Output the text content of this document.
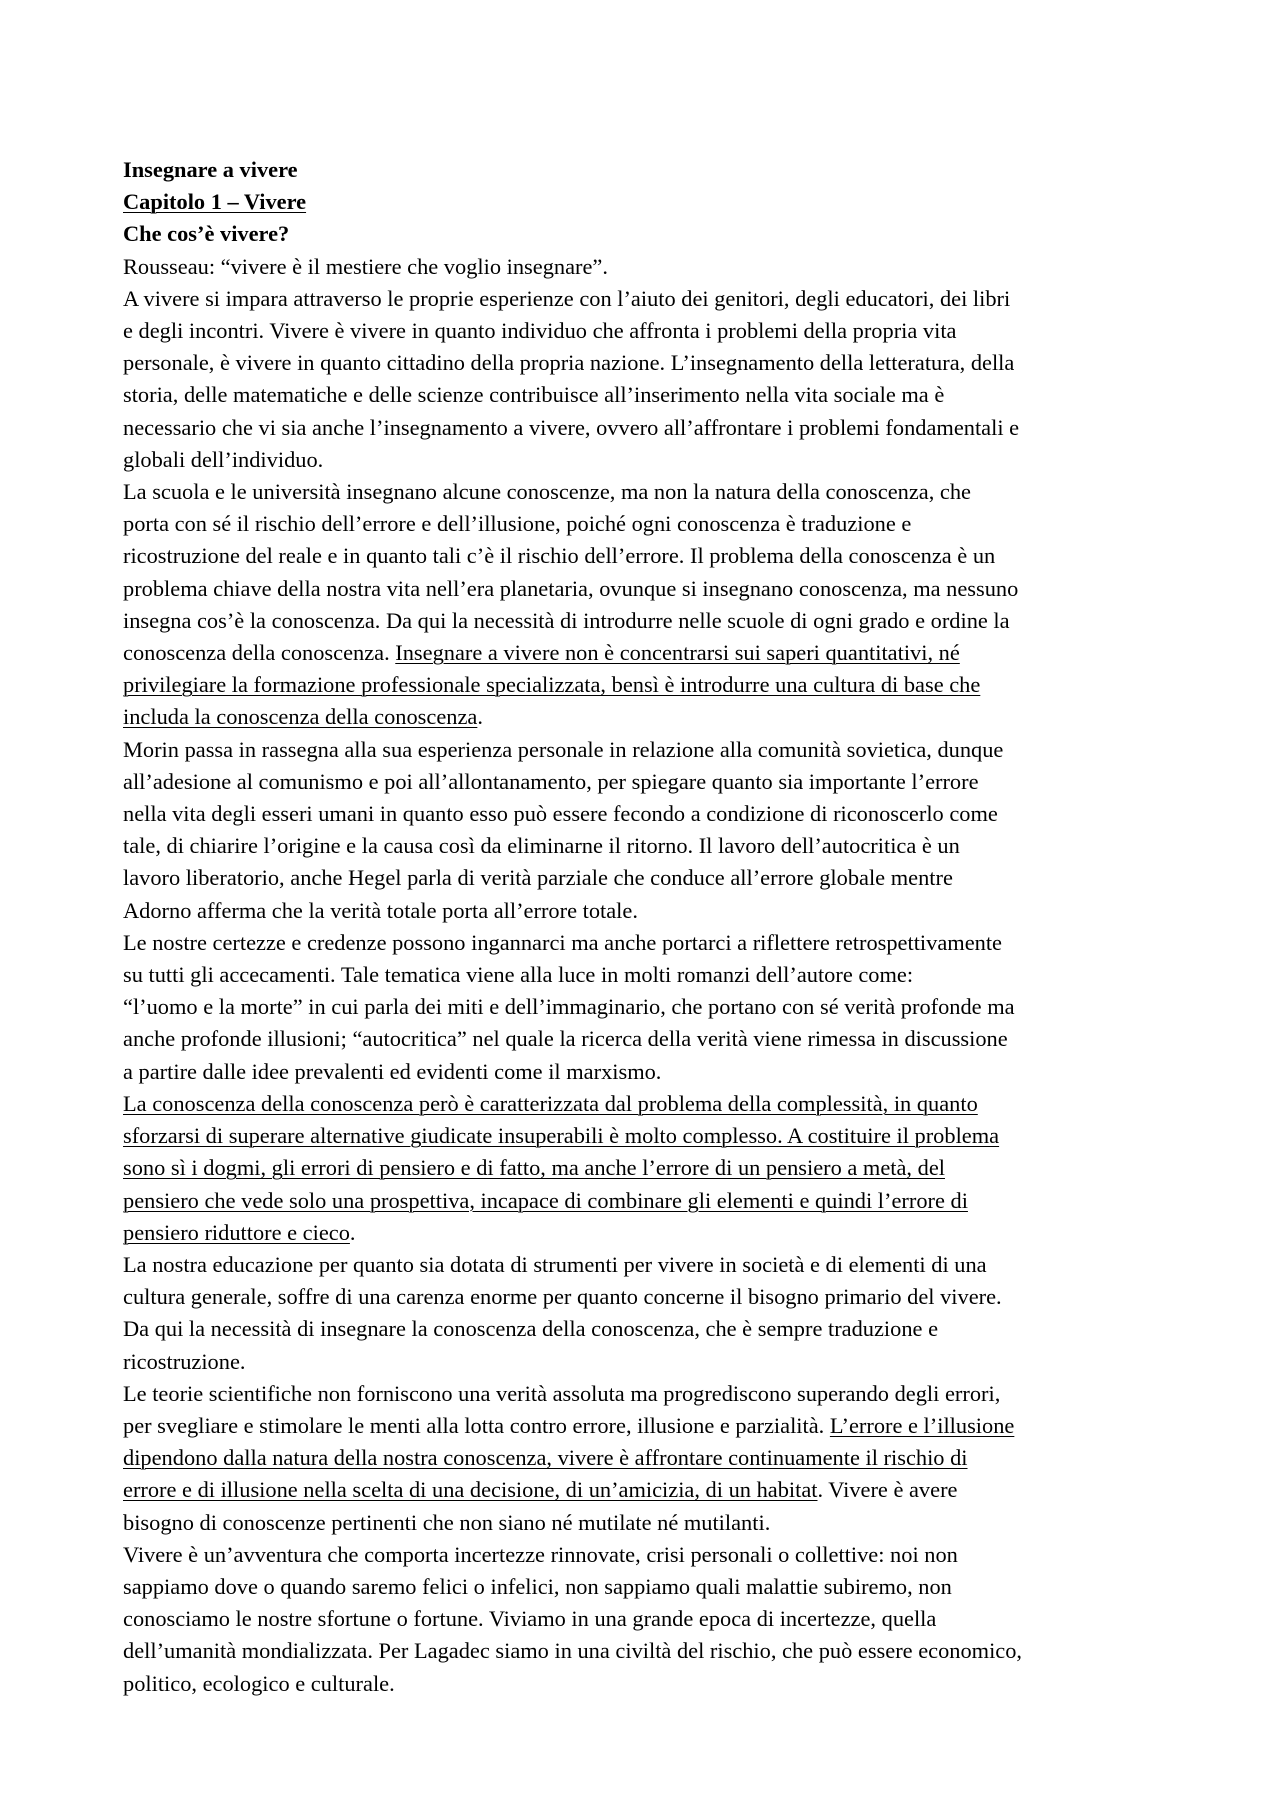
Insegnare a vivere
Capitolo 1 – Vivere
Che cos’è vivere?
Rousseau: “vivere è il mestiere che voglio insegnare”.
A vivere si impara attraverso le proprie esperienze con l’aiuto dei genitori, degli educatori, dei libri
e degli incontri. Vivere è vivere in quanto individuo che affronta i problemi della propria vita
personale, è vivere in quanto cittadino della propria nazione. L’insegnamento della letteratura, della
storia, delle matematiche e delle scienze contribuisce all’inserimento nella vita sociale ma è
necessario che vi sia anche l’insegnamento a vivere, ovvero all’affrontare i problemi fondamentali e
globali dell’individuo.
La scuola e le università insegnano alcune conoscenze, ma non la natura della conoscenza, che
porta con sé il rischio dell’errore e dell’illusione, poiché ogni conoscenza è traduzione e
ricostruzione del reale e in quanto tali c’è il rischio dell’errore. Il problema della conoscenza è un
problema chiave della nostra vita nell’era planetaria, ovunque si insegnano conoscenza, ma nessuno
insegna cos’è la conoscenza. Da qui la necessità di introdurre nelle scuole di ogni grado e ordine la
conoscenza della conoscenza. Insegnare a vivere non è concentrarsi sui saperi quantitativi, né
privilegiare la formazione professionale specializzata, bensì è introdurre una cultura di base che
includa la conoscenza della conoscenza.
Morin passa in rassegna alla sua esperienza personale in relazione alla comunità sovietica, dunque
all’adesione al comunismo e poi all’allontanamento, per spiegare quanto sia importante l’errore
nella vita degli esseri umani in quanto esso può essere fecondo a condizione di riconoscerlo come
tale, di chiarire l’origine e la causa così da eliminarne il ritorno. Il lavoro dell’autocritica è un
lavoro liberatorio, anche Hegel parla di verità parziale che conduce all’errore globale mentre
Adorno afferma che la verità totale porta all’errore totale.
Le nostre certezze e credenze possono ingannarci ma anche portarci a riflettere retrospettivamente
su tutti gli accecamenti. Tale tematica viene alla luce in molti romanzi dell’autore come:
“l’uomo e la morte” in cui parla dei miti e dell’immaginario, che portano con sé verità profonde ma
anche profonde illusioni; “autocritica” nel quale la ricerca della verità viene rimessa in discussione
a partire dalle idee prevalenti ed evidenti come il marxismo.
La conoscenza della conoscenza però è caratterizzata dal problema della complessità, in quanto
sforzarsi di superare alternative giudicate insuperabili è molto complesso. A costituire il problema
sono sì i dogmi, gli errori di pensiero e di fatto, ma anche l’errore di un pensiero a metà, del
pensiero che vede solo una prospettiva, incapace di combinare gli elementi e quindi l’errore di
pensiero riduttore e cieco.
La nostra educazione per quanto sia dotata di strumenti per vivere in società e di elementi di una
cultura generale, soffre di una carenza enorme per quanto concerne il bisogno primario del vivere.
Da qui la necessità di insegnare la conoscenza della conoscenza, che è sempre traduzione e
ricostruzione.
Le teorie scientifiche non forniscono una verità assoluta ma progrediscono superando degli errori,
per svegliare e stimolare le menti alla lotta contro errore, illusione e parzialità. L’errore e l’illusione
dipendono dalla natura della nostra conoscenza, vivere è affrontare continuamente il rischio di
errore e di illusione nella scelta di una decisione, di un’amicizia, di un habitat. Vivere è avere
bisogno di conoscenze pertinenti che non siano né mutilate né mutilanti.
Vivere è un’avventura che comporta incertezze rinnovate, crisi personali o collettive: noi non
sappiamo dove o quando saremo felici o infelici, non sappiamo quali malattie subiremo, non
conosciamo le nostre sfortune o fortune. Viviamo in una grande epoca di incertezze, quella
dell’umanità mondializzata. Per Lagadec siamo in una civiltà del rischio, che può essere economico,
politico, ecologico e culturale.
